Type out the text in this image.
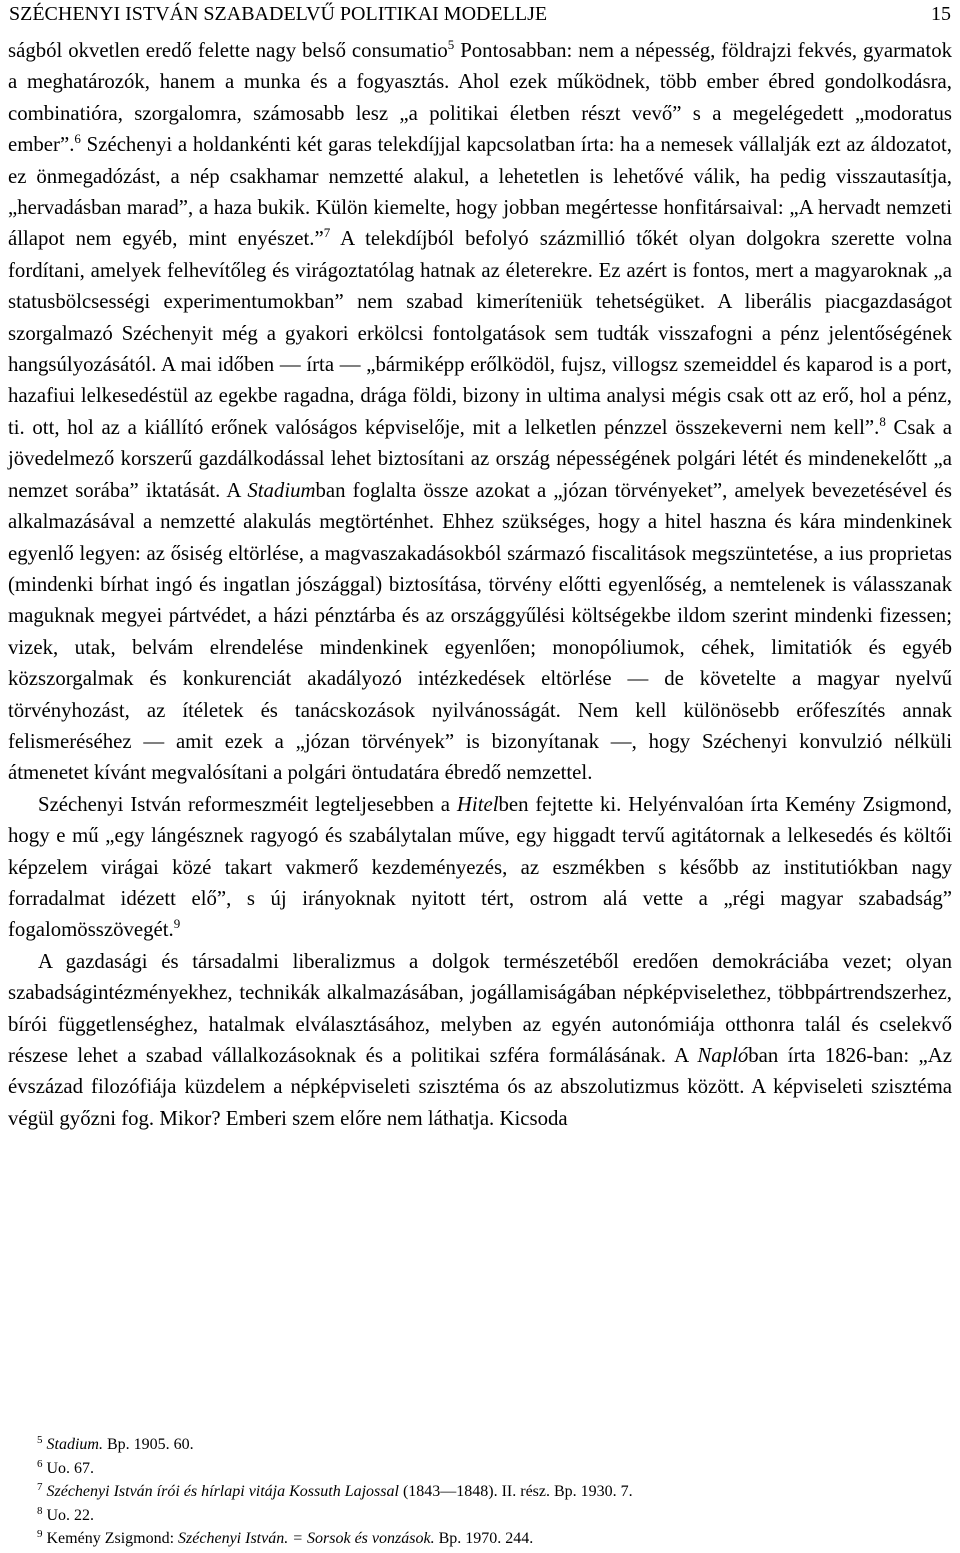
SZÉCHENYI ISTVÁN SZABADELVŰ POLITIKAI MODELLJE	15

ságból okvetlen eredő felette nagy belső consumatio$^5$ Pontosabban: nem a népesség, földrajzi fekvés, gyarmatok a meghatározók, hanem a munka és a fogyasztás. Ahol ezek működnek, több ember ébred gondolkodásra, combinatióra, szorgalomra, számosabb lesz „a politikai életben részt vevő” s a megelégedett „modoratus ember”.$^6$ Széchenyi a holdankénti két garas telekdíjjal kapcsolatban írta: ha a nemesek vállalják ezt az áldozatot, ez önmegadózást, a nép csakhamar nemzetté alakul, a lehetetlen is lehetővé válik, ha pedig visszautasítja, „hervadásban marad”, a haza bukik. Külön kiemelte, hogy jobban megértesse honfitársaival: „A hervadt nemzeti állapot nem egyéb, mint enyészet.”$^7$ A telekdíjból befolyó százmillió tőkét olyan dolgokra szerette volna fordítani, amelyek felhevítőleg és virágoztatólag hatnak az életerekre. Ez azért is fontos, mert a magyaroknak „a statusbölcsességi experimentumokban” nem szabad kimeríteniük tehetségüket. A liberális piacgazdaságot szorgalmazó Széchenyit még a gyakori erkölcsi fontolgatások sem tudták visszafogni a pénz jelentőségének hangsúlyozásától. A mai időben — írta — „bármiképp erőlködöl, fujsz, villogsz szemeiddel és kaparod is a port, hazafiui lelkesedéstül az egekbe ragadna, drága földi, bizony in ultima analysi mégis csak ott az erő, hol a pénz, ti. ott, hol az a kiállító erőnek valóságos képviselője, mit a lelketlen pénzzel összekeverni nem kell”.$^8$ Csak a jövedelmező korszerű gazdálkodással lehet biztosítani az ország népességének polgári létét és mindenekelőtt „a nemzet sorába” iktatását. A Stadiumban foglalta össze azokat a „józan törvényeket”, amelyek bevezetésével és alkalmazásával a nemzetté alakulás megtörténhet. Ehhez szükséges, hogy a hitel haszna és kára mindenkinek egyenlő legyen: az ősiség eltörlése, a magvaszakadásokból származó fiscalitások megszüntetése, a ius proprietas (mindenki bírhat ingó és ingatlan jószággal) biztosítása, törvény előtti egyenlőség, a nemtelenek is válasszanak maguknak megyei pártvédet, a házi pénztárba és az országgyűlési költségekbe ildom szerint mindenki fizessen; vizek, utak, belvám elrendelése mindenkinek egyenlően; monopóliumok, céhek, limitatiók és egyéb közszorgalmak és konkurenciát akadályozó intézkedések eltörlése — de követelte a magyar nyelvű törvényhozást, az ítéletek és tanácskozások nyilvánosságát. Nem kell különösebb erőfeszítés annak felismeréséhez — amit ezek a „józan törvények” is bizonyítanak —, hogy Széchenyi konvulzió nélküli átmenetet kívánt megvalósítani a polgári öntudatára ébredő nemzettel.

Széchenyi István reformeszméit legteljesebben a Hitelben fejtette ki. Helyénvalóan írta Kemény Zsigmond, hogy e mű „egy lángésznek ragyogó és szabálytalan műve, egy higgadt tervű agitátornak a lelkesedés és költői képzelem virágai közé takart vakmerő kezdeményezés, az eszmékben s később az institutiókban nagy forradalmat idézett elő”, s új irányoknak nyitott tért, ostrom alá vette a „régi magyar szabadság” fogalomösszövegét.$^9$

A gazdasági és társadalmi liberalizmus a dolgok természetéből eredően demokráciába vezet; olyan szabadságintézményekhez, technikák alkalmazásában, jogállamiságában népképviselethez, többpártrendszerhez, bírói függetlenséghez, hatalmak elválasztásához, melyben az egyén autonómiája otthonra talál és cselekvő részese lehet a szabad vállalkozásoknak és a politikai szféra formálásának. A Naplóban írta 1826-ban: „Az évszázad filozófiája küzdelem a népképviseleti szisztéma ós az abszolutizmus között. A képviseleti szisztéma végül győzni fog. Mikor? Emberi szem előre nem láthatja. Kicsoda

$^5$ Stadium. Bp. 1905. 60.

$^6$ Uo. 67.

$^7$ Széchenyi István írói és hírlapi vitája Kossuth Lajossal (1843—1848). II. rész. Bp. 1930. 7.

$^8$ Uo. 22.

$^9$ Kemény Zsigmond: Széchenyi István. = Sorsok és vonzások. Bp. 1970. 244.
